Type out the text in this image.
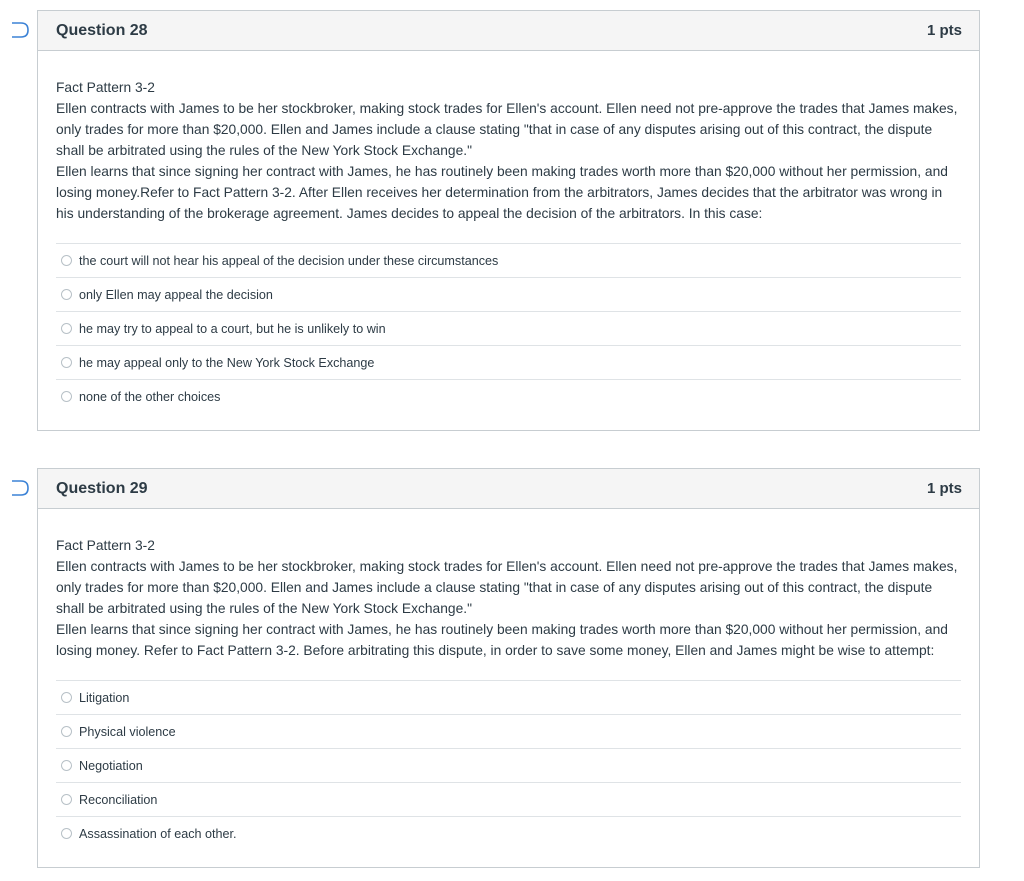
Question 28	1 pts

Fact Pattern 3-2

Ellen contracts with James to be her stockbroker, making stock trades for Ellen's account. Ellen need not pre-approve the trades that James makes, only trades for more than $20,000. Ellen and James include a clause stating "that in case of any disputes arising out of this contract, the dispute shall be arbitrated using the rules of the New York Stock Exchange."

Ellen learns that since signing her contract with James, he has routinely been making trades worth more than $20,000 without her permission, and losing money.Refer to Fact Pattern 3-2. After Ellen receives her determination from the arbitrators, James decides that the arbitrator was wrong in his understanding of the brokerage agreement. James decides to appeal the decision of the arbitrators. In this case:

the court will not hear his appeal of the decision under these circumstances
only Ellen may appeal the decision
he may try to appeal to a court, but he is unlikely to win
he may appeal only to the New York Stock Exchange
none of the other choices
Question 29	1 pts

Fact Pattern 3-2

Ellen contracts with James to be her stockbroker, making stock trades for Ellen's account. Ellen need not pre-approve the trades that James makes, only trades for more than $20,000. Ellen and James include a clause stating "that in case of any disputes arising out of this contract, the dispute shall be arbitrated using the rules of the New York Stock Exchange."

Ellen learns that since signing her contract with James, he has routinely been making trades worth more than $20,000 without her permission, and losing money. Refer to Fact Pattern 3-2. Before arbitrating this dispute, in order to save some money, Ellen and James might be wise to attempt:

Litigation
Physical violence
Negotiation
Reconciliation
Assassination of each other.
